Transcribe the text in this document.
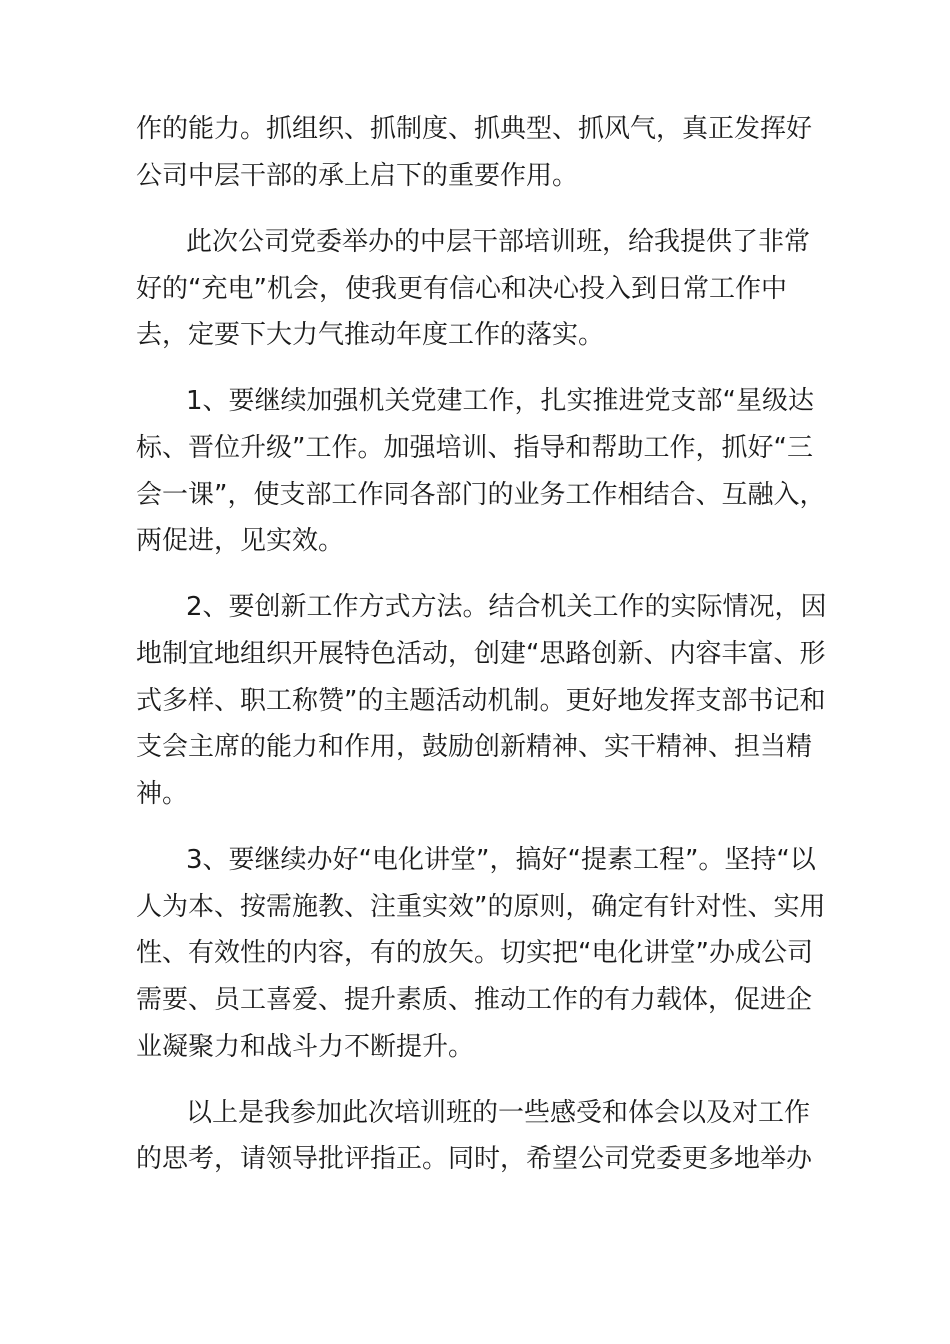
作的能力。抓组织、抓制度、抓典型、抓风气，真正发挥好

公司中层干部的承上启下的重要作用。

此次公司党委举办的中层干部培训班，给我提供了非常

好的“充电”机会，使我更有信心和决心投入到日常工作中

去，定要下大力气推动年度工作的落实。

1、要继续加强机关党建工作，扎实推进党支部“星级达

标、晋位升级”工作。加强培训、指导和帮助工作，抓好“三

会一课”，使支部工作同各部门的业务工作相结合、互融入，

两促进，见实效。

2、要创新工作方式方法。结合机关工作的实际情况，因

地制宜地组织开展特色活动，创建“思路创新、内容丰富、形

式多样、职工称赞”的主题活动机制。更好地发挥支部书记和

支会主席的能力和作用，鼓励创新精神、实干精神、担当精

神。

3、要继续办好“电化讲堂”，搞好“提素工程”。坚持“以

人为本、按需施教、注重实效”的原则，确定有针对性、实用

性、有效性的内容，有的放矢。切实把“电化讲堂”办成公司

需要、员工喜爱、提升素质、推动工作的有力载体，促进企

业凝聚力和战斗力不断提升。

以上是我参加此次培训班的一些感受和体会以及对工作

的思考，请领导批评指正。同时，希望公司党委更多地举办
